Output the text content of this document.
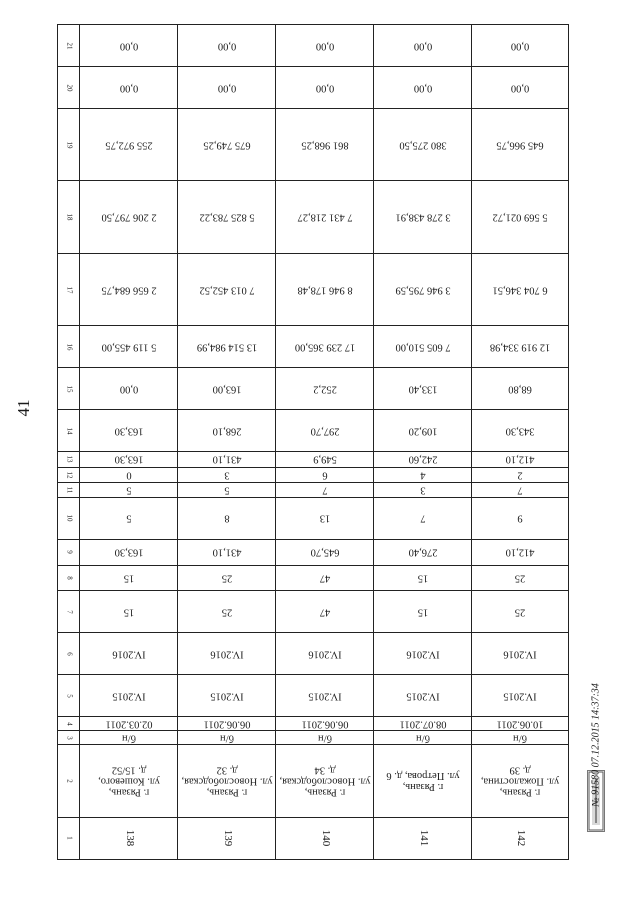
41
21	0,00	0,00	0,00	0,00	0,00

20	0,00	0,00	0,00	0,00	0,00

19	255 972,75	675 749,25	861 968,25	380 275,50	645 966,75

18	2 206 797,50	5 825 783,22	7 431 218,27	3 278 438,91	5 569 021,72

17	2 656 684,75	7 013 452,52	8 946 178,48	3 946 795,59	6 704 346,51

16	5 119 455,00	13 514 984,99	17 239 365,00	7 605 510,00	12 919 334,98

15	0,00	163,00	252,2	133,40	68,80

14	163,30	268,10	297,70	109,20	343,30

13	163,30	431,10	549,9	242,60	412,10

12	0	3	6	4	2

11	5	5	7	3	7

10	5	8	13	7	9

9	163,30	431,10	645,70	276,40	412,10

8	15	25	47	15	25

7	15	25	47	15	25

6	IV.2016	IV.2016	IV.2016	IV.2016	IV.2016

5	IV.2015	IV.2015	IV.2015	IV.2015	IV.2015

4	02.03.2011	06.06.2011	06.06.2011	08.07.2011	10.06.2011

3	б/н	б/н	б/н	б/н	б/н

2	г. Рязань,
ул. Кошевого,
д. 15/52	г. Рязань,
ул. Новослободская,
д. 32	г. Рязань,
ул. Новослободская,
д. 34	г. Рязань,
ул. Петрова, д. 6	г. Рязань,
ул. Пожалостина,
д. 39

1	138	139	140	141	142
№ 91580 07.12.2015 14:37:34
